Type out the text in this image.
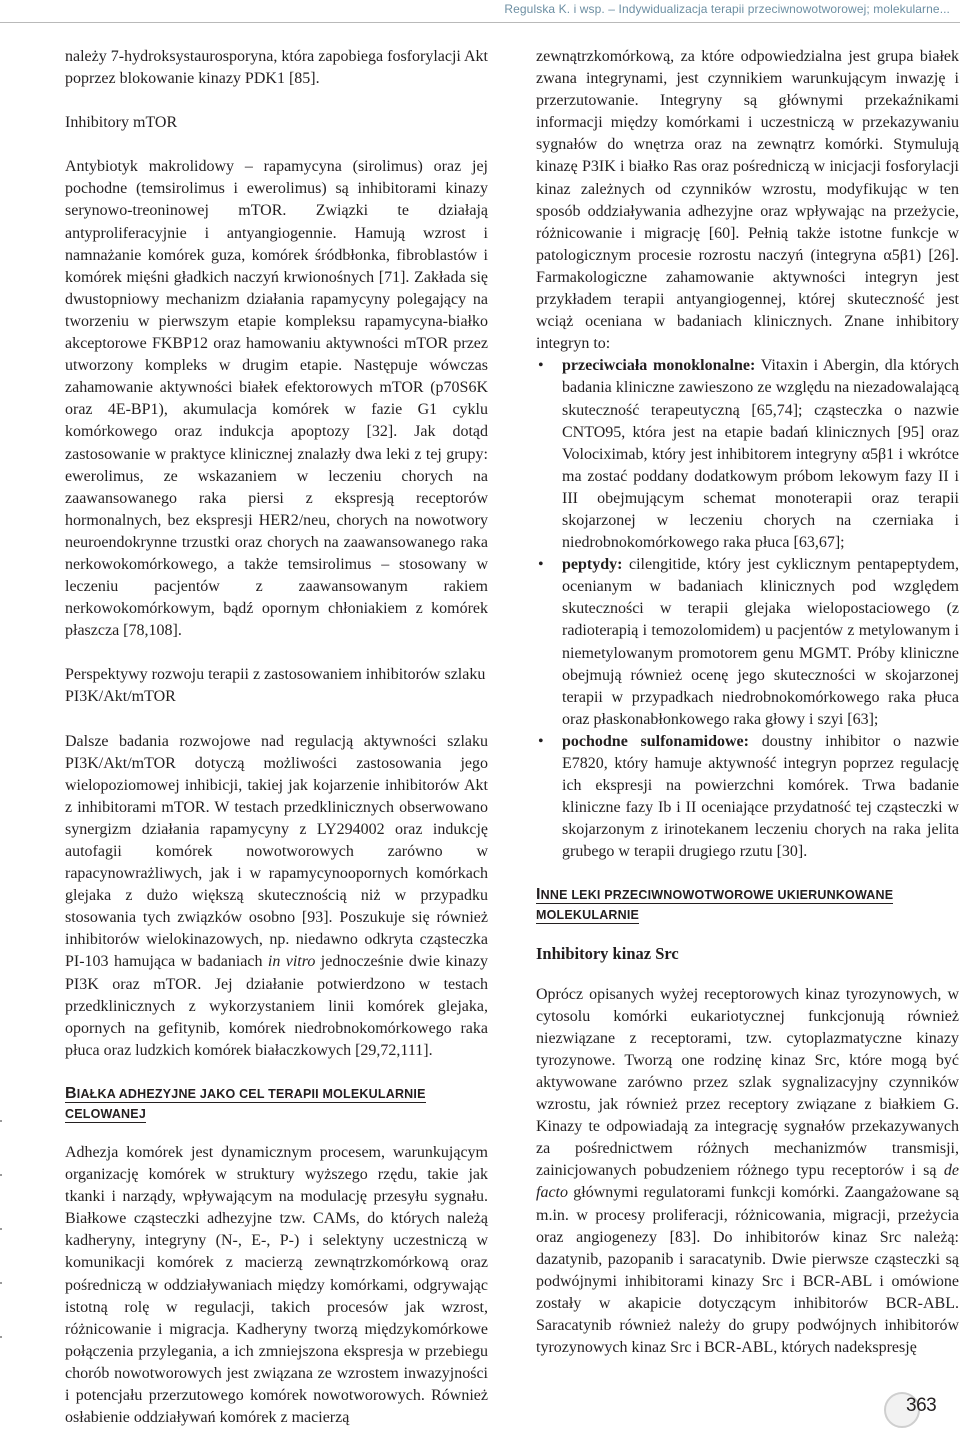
Regulska K. i wsp. – Indywidualizacja terapii przeciwnowotworowej; molekularne...

należy 7-hydroksystaurosporyna, która zapobiega fosforylacji Akt poprzez blokowanie kinazy PDK1 [85].

Inhibitory mTOR

Antybiotyk makrolidowy – rapamycyna (sirolimus) oraz jej pochodne (temsirolimus i ewerolimus) są inhibitorami kinazy serynowo-treoninowej mTOR. Związki te działają antyproliferacyjnie i antyangiogennie. Hamują wzrost i namnażanie komórek guza, komórek śródbłonka, fibroblastów i komórek mięśni gładkich naczyń krwionośnych [71]. Zakłada się dwustopniowy mechanizm działania rapamycyny polegający na tworzeniu w pierwszym etapie kompleksu rapamycyna-białko akceptorowe FKBP12 oraz hamowaniu aktywności mTOR przez utworzony kompleks w drugim etapie. Następuje wówczas zahamowanie aktywności białek efektorowych mTOR (p70S6K oraz 4E-BP1), akumulacja komórek w fazie G1 cyklu komórkowego oraz indukcja apoptozy [32]. Jak dotąd zastosowanie w praktyce klinicznej znalazły dwa leki z tej grupy: ewerolimus, ze wskazaniem w leczeniu chorych na zaawansowanego raka piersi z ekspresją receptorów hormonalnych, bez ekspresji HER2/neu, chorych na nowotwory neuroendokrynne trzustki oraz chorych na zaawansowanego raka nerkowokomórkowego, a także temsirolimus – stosowany w leczeniu pacjentów z zaawansowanym rakiem nerkowokomórkowym, bądź opornym chłoniakiem z komórek płaszcza [78,108].

Perspektywy rozwoju terapii z zastosowaniem inhibitorów szlaku PI3K/Akt/mTOR

Dalsze badania rozwojowe nad regulacją aktywności szlaku PI3K/Akt/mTOR dotyczą możliwości zastosowania jego wielopoziomowej inhibicji, takiej jak kojarzenie inhibitorów Akt z inhibitorami mTOR. W testach przedklinicznych obserwowano synergizm działania rapamycyny z LY294002 oraz indukcję autofagii komórek nowotworowych zarówno w rapacynowrażliwych, jak i w rapamycynoopornych komórkach glejaka z dużo większą skutecznością niż w przypadku stosowania tych związków osobno [93]. Poszukuje się również inhibitorów wielokinazowych, np. niedawno odkryta cząsteczka PI-103 hamująca w badaniach in vitro jednocześnie dwie kinazy PI3K oraz mTOR. Jej działanie potwierdzono w testach przedklinicznych z wykorzystaniem linii komórek glejaka, opornych na gefitynib, komórek niedrobnokomórkowego raka płuca oraz ludzkich komórek białaczkowych [29,72,111].

BIAŁKA ADHEZYJNE JAKO CEL TERAPII MOLEKULARNIE CELOWANEJ

Adhezja komórek jest dynamicznym procesem, warunkującym organizację komórek w struktury wyższego rzędu, takie jak tkanki i narządy, wpływającym na modulację przesyłu sygnału. Białkowe cząsteczki adhezyjne tzw. CAMs, do których należą kadheryny, integryny (N-, E-, P-) i selektyny uczestniczą w komunikacji komórek z macierzą zewnątrzkomórkową oraz pośredniczą w oddziaływaniach między komórkami, odgrywając istotną rolę w regulacji, takich procesów jak wzrost, różnicowanie i migracja. Kadheryny tworzą międzykomórkowe połączenia przylegania, a ich zmniejszona ekspresja w przebiegu chorób nowotworowych jest związana ze wzrostem inwazyjności i potencjału przerzutowego komórek nowotworowych. Również osłabienie oddziaływań komórek z macierzą

zewnątrzkomórkową, za które odpowiedzialna jest grupa białek zwana integrynami, jest czynnikiem warunkującym inwazję i przerzutowanie. Integryny są głównymi przekaźnikami informacji między komórkami i uczestniczą w przekazywaniu sygnałów do wnętrza oraz na zewnątrz komórki. Stymulują kinazę P3IK i białko Ras oraz pośredniczą w inicjacji fosforylacji kinaz zależnych od czynników wzrostu, modyfikując w ten sposób oddziaływania adhezyjne oraz wpływając na przeżycie, różnicowanie i migrację [60]. Pełnią także istotne funkcje w patologicznym procesie rozrostu naczyń (integryna α5β1) [26]. Farmakologiczne zahamowanie aktywności integryn jest przykładem terapii antyangiogennej, której skuteczność jest wciąż oceniana w badaniach klinicznych. Znane inhibitory integryn to:

• przeciwciała monoklonalne: Vitaxin i Abergin, dla których badania kliniczne zawieszono ze względu na niezadowalającą skuteczność terapeutyczną [65,74]; cząsteczka o nazwie CNTO95, która jest na etapie badań klinicznych [95] oraz Volociximab, który jest inhibitorem integryny α5β1 i wkrótce ma zostać poddany dodatkowym próbom lekowym fazy II i III obejmującym schemat monoterapii oraz terapii skojarzonej w leczeniu chorych na czerniaka i niedrobnokomórkowego raka płuca [63,67];
• peptydy: cilengitide, który jest cyklicznym pentapeptydem, ocenianym w badaniach klinicznych pod względem skuteczności w terapii glejaka wielopostaciowego (z radioterapią i temozolomidem) u pacjentów z metylowanym i niemetylowanym promotorem genu MGMT. Próby kliniczne obejmują również ocenę jego skuteczności w skojarzonej terapii w przypadkach niedrobnokomórkowego raka płuca oraz płaskonabłonkowego raka głowy i szyi [63];
• pochodne sulfonamidowe: doustny inhibitor o nazwie E7820, który hamuje aktywność integryn poprzez regulację ich ekspresji na powierzchni komórek. Trwa badanie kliniczne fazy Ib i II oceniające przydatność tej cząsteczki w skojarzonym z irinotekanem leczeniu chorych na raka jelita grubego w terapii drugiego rzutu [30].
INNE LEKI PRZECIWNOWOTWOROWE UKIERUNKOWANE MOLEKULARNIE

Inhibitory kinaz Src

Oprócz opisanych wyżej receptorowych kinaz tyrozynowych, w cytosolu komórki eukariotycznej funkcjonują również niezwiązane z receptorami, tzw. cytoplazmatyczne kinazy tyrozynowe. Tworzą one rodzinę kinaz Src, które mogą być aktywowane zarówno przez szlak sygnalizacyjny czynników wzrostu, jak również przez receptory związane z białkiem G. Kinazy te odpowiadają za integrację sygnałów przekazywanych za pośrednictwem różnych mechanizmów transmisji, zainicjowanych pobudzeniem różnego typu receptorów i są de facto głównymi regulatorami funkcji komórki. Zaangażowane są m.in. w procesy proliferacji, różnicowania, migracji, przeżycia oraz angiogenezy [83]. Do inhibitorów kinaz Src należą: dazatynib, pazopanib i saracatynib. Dwie pierwsze cząsteczki są podwójnymi inhibitorami kinazy Src i BCR-ABL i omówione zostały w akapicie dotyczącym inhibitorów BCR-ABL. Saracatynib również należy do grupy podwójnych inhibitorów tyrozynowych kinaz Src i BCR-ABL, których nadekspresję

363
